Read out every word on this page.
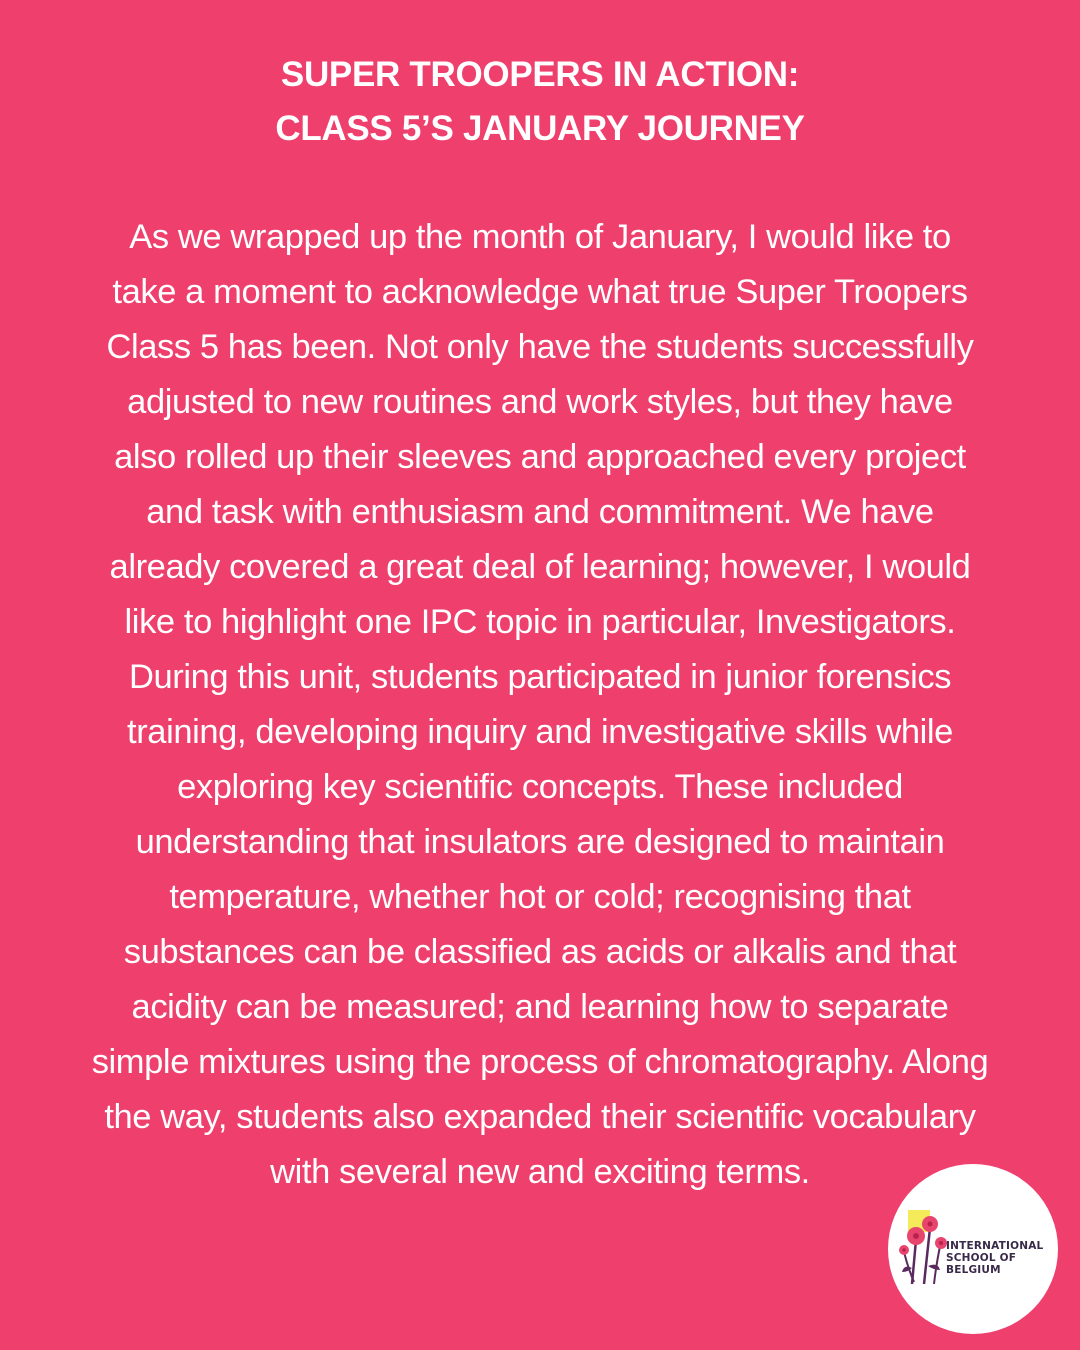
SUPER TROOPERS IN ACTION:
CLASS 5’S JANUARY JOURNEY
As we wrapped up the month of January, I would like to
take a moment to acknowledge what true Super Troopers
Class 5 has been. Not only have the students successfully
adjusted to new routines and work styles, but they have
also rolled up their sleeves and approached every project
and task with enthusiasm and commitment. We have
already covered a great deal of learning; however, I would
like to highlight one IPC topic in particular, Investigators.
During this unit, students participated in junior forensics
training, developing inquiry and investigative skills while
exploring key scientific concepts. These included
understanding that insulators are designed to maintain
temperature, whether hot or cold; recognising that
substances can be classified as acids or alkalis and that
acidity can be measured; and learning how to separate
simple mixtures using the process of chromatography. Along
the way, students also expanded their scientific vocabulary
with several new and exciting terms.
INTERNATIONAL
SCHOOL OF
BELGIUM
